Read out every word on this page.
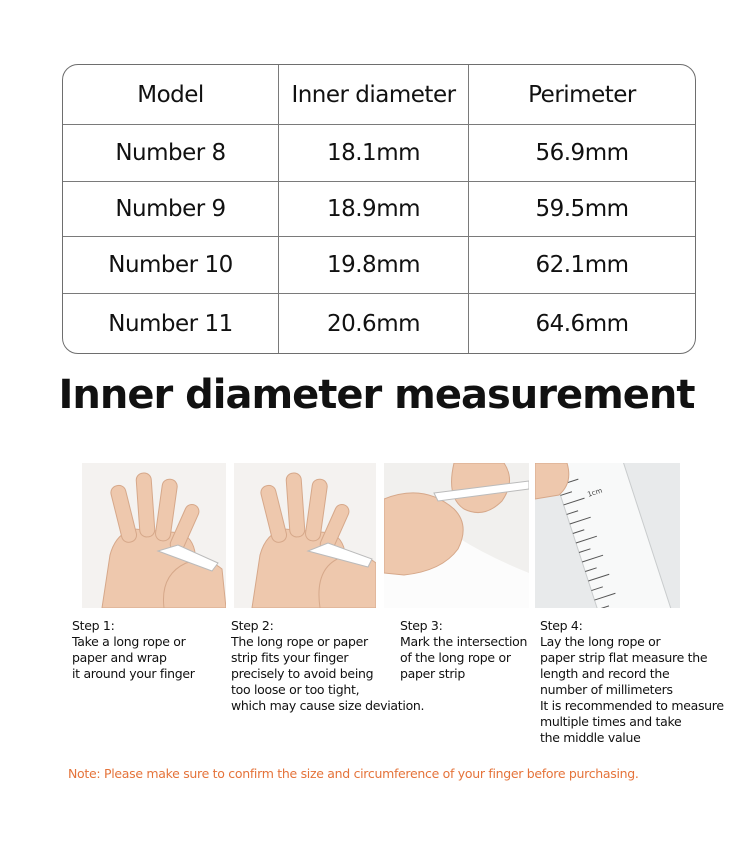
Model	Inner diameter	Perimeter
Number 8	18.1mm	56.9mm
Number 9	18.9mm	59.5mm
Number 10	19.8mm	62.1mm
Number 11	20.6mm	64.6mm
Inner diameter measurement
1cm
Step 1:
Take a long rope or
paper and wrap
it around your finger
Step 2:
The long rope or paper
strip fits your finger
precisely to avoid being
too loose or too tight,
which may cause size deviation.
Step 3:
Mark the intersection
of the long rope or
paper strip
Step 4:
Lay the long rope or
paper strip flat measure the
length and record the
number of millimeters
It is recommended to measure
multiple times and take
the middle value
Note: Please make sure to confirm the size and circumference of your finger before purchasing.
